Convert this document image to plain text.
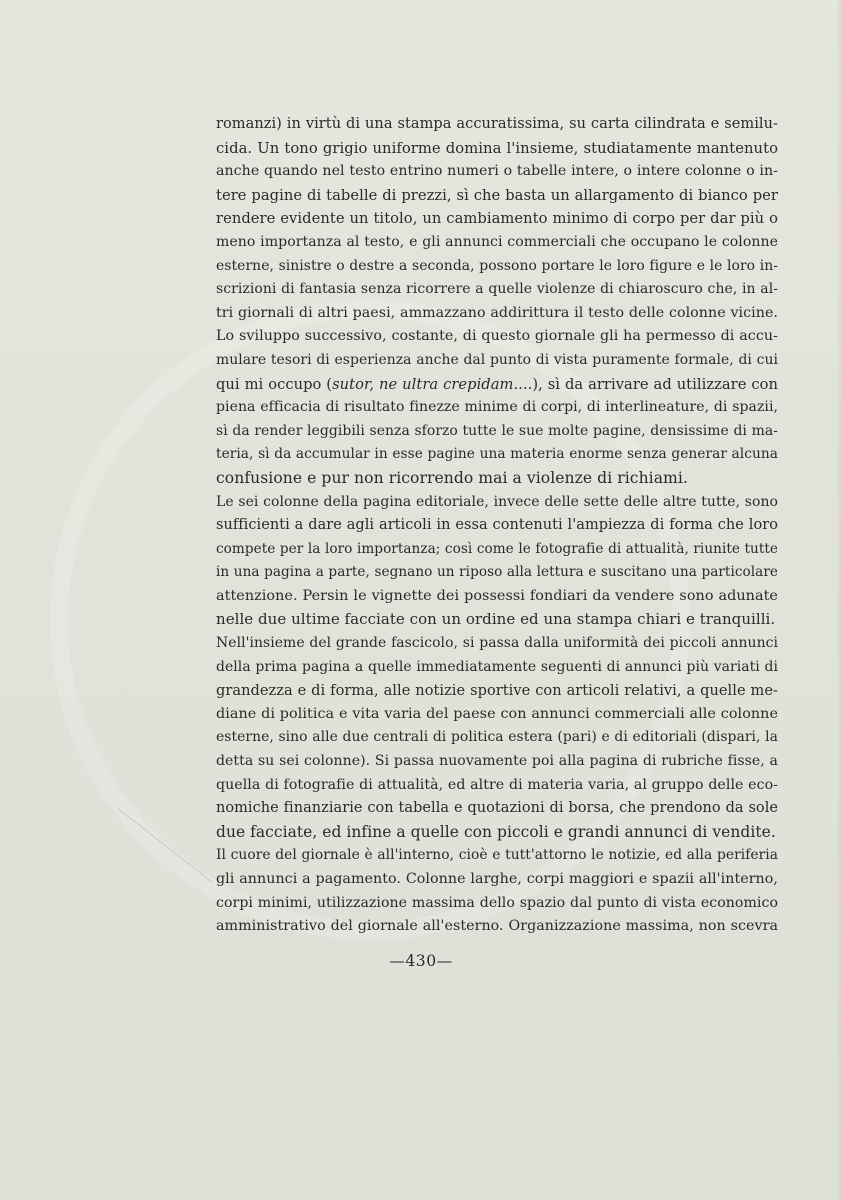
romanzi) in virtù di una stampa accuratissima, su carta cilindrata e semilu-
cida. Un tono grigio uniforme domina l'insieme, studiatamente mantenuto
anche quando nel testo entrino numeri o tabelle intere, o intere colonne o in-
tere pagine di tabelle di prezzi, sì che basta un allargamento di bianco per
rendere evidente un titolo, un cambiamento minimo di corpo per dar più o
meno importanza al testo, e gli annunci commerciali che occupano le colonne
esterne, sinistre o destre a seconda, possono portare le loro figure e le loro in-
scrizioni di fantasia senza ricorrere a quelle violenze di chiaroscuro che, in al-
tri giornali di altri paesi, ammazzano addirittura il testo delle colonne vicine.
Lo sviluppo successivo, costante, di questo giornale gli ha permesso di accu-
mulare tesori di esperienza anche dal punto di vista puramente formale, di cui
qui mi occupo (sutor, ne ultra crepidam....), sì da arrivare ad utilizzare con
piena efficacia di risultato finezze minime di corpi, di interlineature, di spazii,
sì da render leggibili senza sforzo tutte le sue molte pagine, densissime di ma-
teria, sì da accumular in esse pagine una materia enorme senza generar alcuna
confusione e pur non ricorrendo mai a violenze di richiami.
Le sei colonne della pagina editoriale, invece delle sette delle altre tutte, sono
sufficienti a dare agli articoli in essa contenuti l'ampiezza di forma che loro
compete per la loro importanza; così come le fotografie di attualità, riunite tutte
in una pagina a parte, segnano un riposo alla lettura e suscitano una particolare
attenzione. Persin le vignette dei possessi fondiari da vendere sono adunate
nelle due ultime facciate con un ordine ed una stampa chiari e tranquilli.
Nell'insieme del grande fascicolo, si passa dalla uniformità dei piccoli annunci
della prima pagina a quelle immediatamente seguenti di annunci più variati di
grandezza e di forma, alle notizie sportive con articoli relativi, a quelle me-
diane di politica e vita varia del paese con annunci commerciali alle colonne
esterne, sino alle due centrali di politica estera (pari) e di editoriali (dispari, la
detta su sei colonne). Si passa nuovamente poi alla pagina di rubriche fisse, a
quella di fotografie di attualità, ed altre di materia varia, al gruppo delle eco-
nomiche finanziarie con tabella e quotazioni di borsa, che prendono da sole
due facciate, ed infine a quelle con piccoli e grandi annunci di vendite.
Il cuore del giornale è all'interno, cioè e tutt'attorno le notizie, ed alla periferia
gli annunci a pagamento. Colonne larghe, corpi maggiori e spazii all'interno,
corpi minimi, utilizzazione massima dello spazio dal punto di vista economico
amministrativo del giornale all'esterno. Organizzazione massima, non scevra
—430—
